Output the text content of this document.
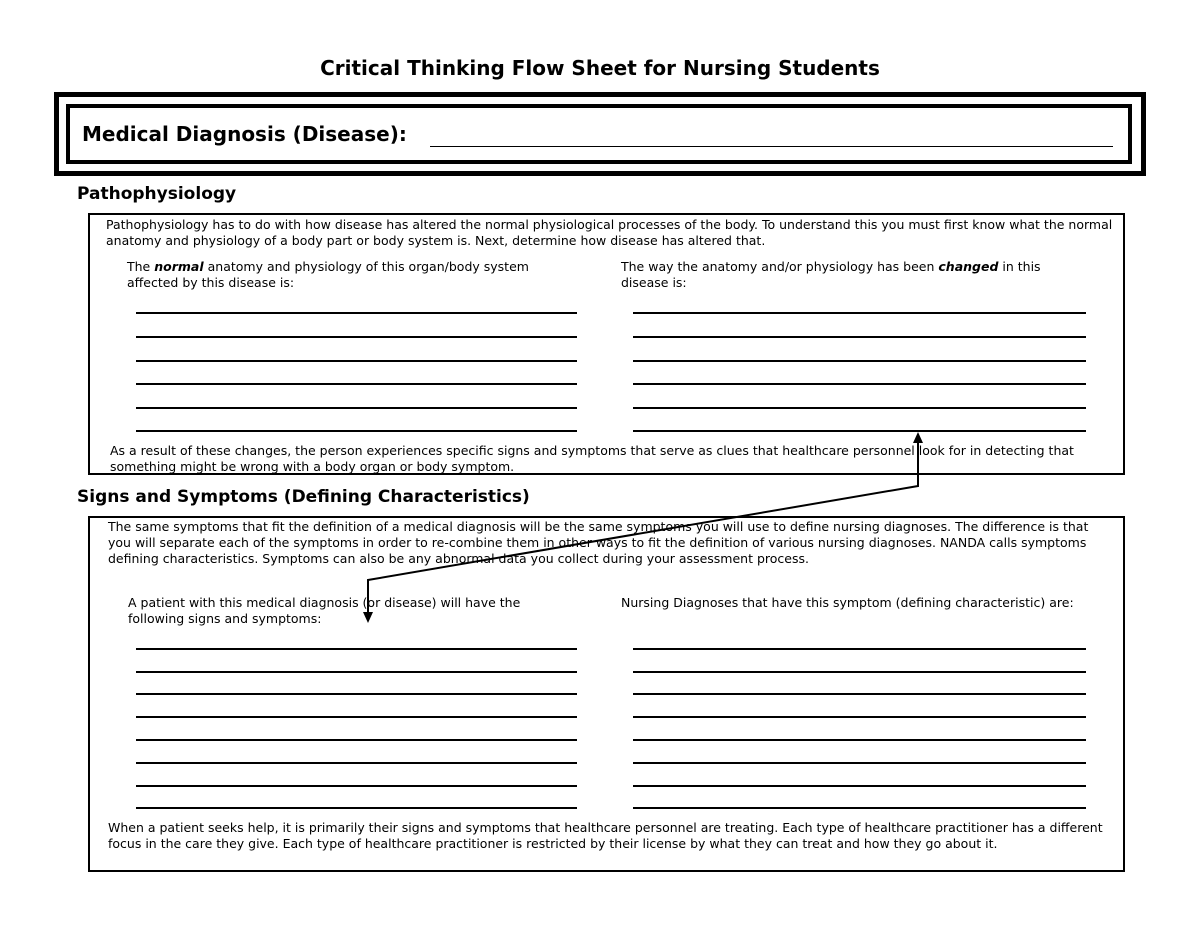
Critical Thinking Flow Sheet for Nursing Students
Medical Diagnosis (Disease):
Pathophysiology
Pathophysiology has to do with how disease has altered the normal physiological processes of the body. To understand this you must first know what the normal anatomy and physiology of a body part or body system is. Next, determine how disease has altered that.
The normal anatomy and physiology of this organ/body system affected by this disease is:
The way the anatomy and/or physiology has been changed in this disease is:
As a result of these changes, the person experiences specific signs and symptoms that serve as clues that healthcare personnel look for in detecting that something might be wrong with a body organ or body symptom.
Signs and Symptoms (Defining Characteristics)
The same symptoms that fit the definition of a medical diagnosis will be the same symptoms you will use to define nursing diagnoses. The difference is that you will separate each of the symptoms in order to re-combine them in other ways to fit the definition of various nursing diagnoses. NANDA calls symptoms defining characteristics. Symptoms can also be any abnormal data you collect during your assessment process.
A patient with this medical diagnosis (or disease) will have the following signs and symptoms:
Nursing Diagnoses that have this symptom (defining characteristic) are:
When a patient seeks help, it is primarily their signs and symptoms that healthcare personnel are treating. Each type of healthcare practitioner has a different focus in the care they give. Each type of healthcare practitioner is restricted by their license by what they can treat and how they go about it.
